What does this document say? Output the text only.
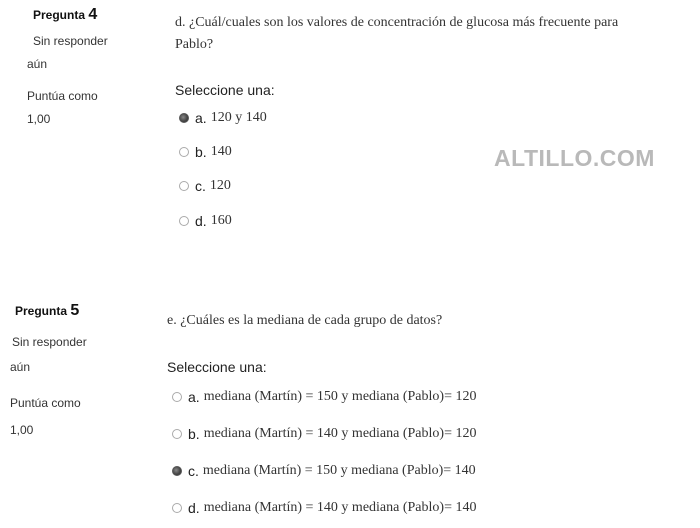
Pregunta 4
Sin responder
aún
Puntúa como
1,00
d. ¿Cuál/cuales son los valores de concentración de glucosa más frecuente para
Pablo?
Seleccione una:
a. 120 y 140
b. 140
c. 120
d. 160
ALTILLO.COM
Pregunta 5
Sin responder
aún
Puntúa como
1,00
e. ¿Cuáles es la mediana de cada grupo de datos?
Seleccione una:
a. mediana (Martín) = 150 y mediana (Pablo)= 120
b. mediana (Martín) = 140 y mediana (Pablo)= 120
c. mediana (Martín) = 150 y mediana (Pablo)= 140
d. mediana (Martín) = 140 y mediana (Pablo)= 140
